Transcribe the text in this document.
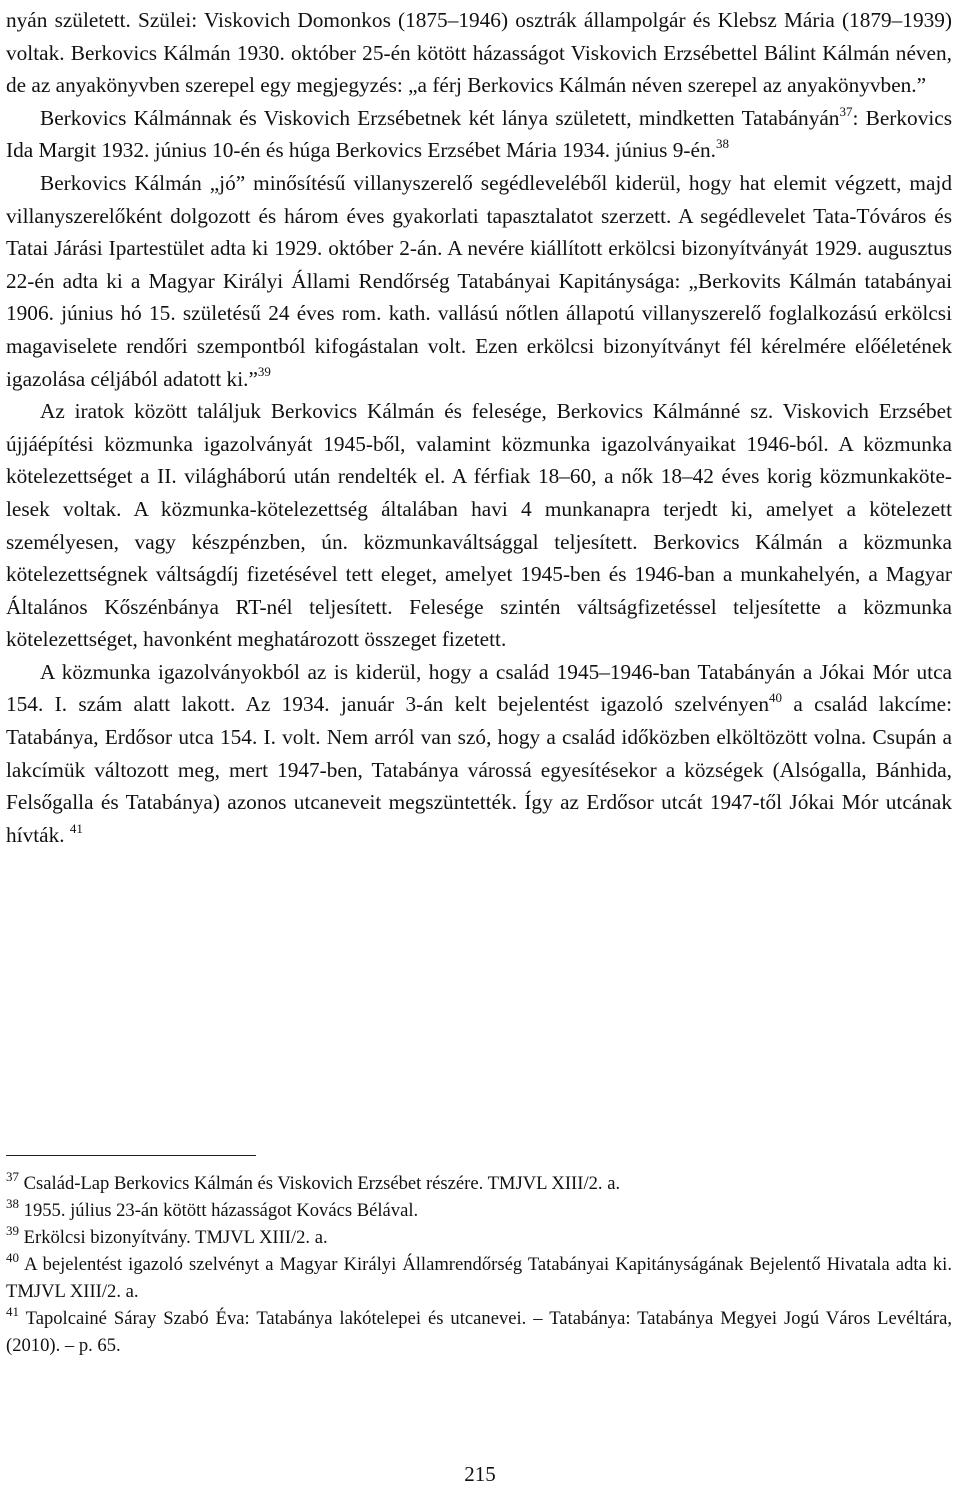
nyán született. Szülei: Viskovich Domonkos (1875–1946) osztrák állampolgár és Klebsz Mária (1879–1939) voltak. Berkovics Kálmán 1930. október 25-én kötött házasságot Viskovich Erzsébettel Bálint Kálmán néven, de az anyakönyvben szerepel egy megjegyzés: „a férj Berkovics Kálmán néven szerepel az anyakönyvben.”

Berkovics Kálmánnak és Viskovich Erzsébetnek két lánya született, mindketten Tatabányán$^{37}$: Berkovics Ida Margit 1932. június 10-én és húga Berkovics Erzsébet Mária 1934. június 9-én.$^{38}$

Berkovics Kálmán „jó” minősítésű villanyszerelő segédleveléből kiderül, hogy hat elemit végzett, majd villanyszerelőként dolgozott és három éves gyakorlati tapasztalatot szerzett. A segédlevelet Tata-Tóváros és Tatai Járási Ipartestület adta ki 1929. október 2-án. A nevére kiállított erkölcsi bizonyítványát 1929. augusztus 22-én adta ki a Magyar Királyi Állami Rendőrség Tatabányai Kapitánysága: „Berkovits Kálmán tatabányai 1906. június hó 15. születésű 24 éves rom. kath. vallású nőtlen állapotú villanyszerelő foglalkozású erkölcsi magaviselete rendőri szempontból kifogástalan volt. Ezen erkölcsi bizonyítványt fél kérelmére előéletének igazolása céljából adatott ki.”$^{39}$

Az iratok között találjuk Berkovics Kálmán és felesége, Berkovics Kálmánné sz. Viskovich Erzsébet újjáépítési közmunka igazolványát 1945-ből, valamint közmunka igazolványaikat 1946-ból. A közmunka kötelezettséget a II. világháború után rendelték el. A férfiak 18–60, a nők 18–42 éves korig közmunkakötelesek voltak. A közmunka-kötelezettség általában havi 4 munkanapra terjedt ki, amelyet a kötelezett személyesen, vagy készpénzben, ún. közmunkaváltsággal teljesített. Berkovics Kálmán a közmunka kötelezettségnek váltságdíj fizetésével tett eleget, amelyet 1945-ben és 1946-ban a munkahelyén, a Magyar Általános Kőszénbánya RT-nél teljesített. Felesége szintén váltságfizetéssel teljesítette a közmunka kötelezettséget, havonként meghatározott összeget fizetett.

A közmunka igazolványokból az is kiderül, hogy a család 1945–1946-ban Tatabányán a Jókai Mór utca 154. I. szám alatt lakott. Az 1934. január 3-án kelt bejelentést igazoló szelvényen$^{40}$ a család lakcíme: Tatabánya, Erdősor utca 154. I. volt. Nem arról van szó, hogy a család időközben elköltözött volna. Csupán a lakcímük változott meg, mert 1947-ben, Tatabánya várossá egyesítésekor a községek (Alsógalla, Bánhida, Felsőgalla és Tatabánya) azonos utcaneveit megszüntették. Így az Erdősor utcát 1947-től Jókai Mór utcának hívták. $^{41}$

$^{37}$ Család-Lap Berkovics Kálmán és Viskovich Erzsébet részére. TMJVL XIII/2. a.

$^{38}$ 1955. július 23-án kötött házasságot Kovács Bélával.

$^{39}$ Erkölcsi bizonyítvány. TMJVL XIII/2. a.

$^{40}$ A bejelentést igazoló szelvényt a Magyar Királyi Államrendőrség Tatabányai Kapitányságának Bejelentő Hivatala adta ki. TMJVL XIII/2. a.

$^{41}$ Tapolcainé Sáray Szabó Éva: Tatabánya lakótelepei és utcanevei. – Tatabánya: Tatabánya Megyei Jogú Város Levéltára, (2010). – p. 65.

215
